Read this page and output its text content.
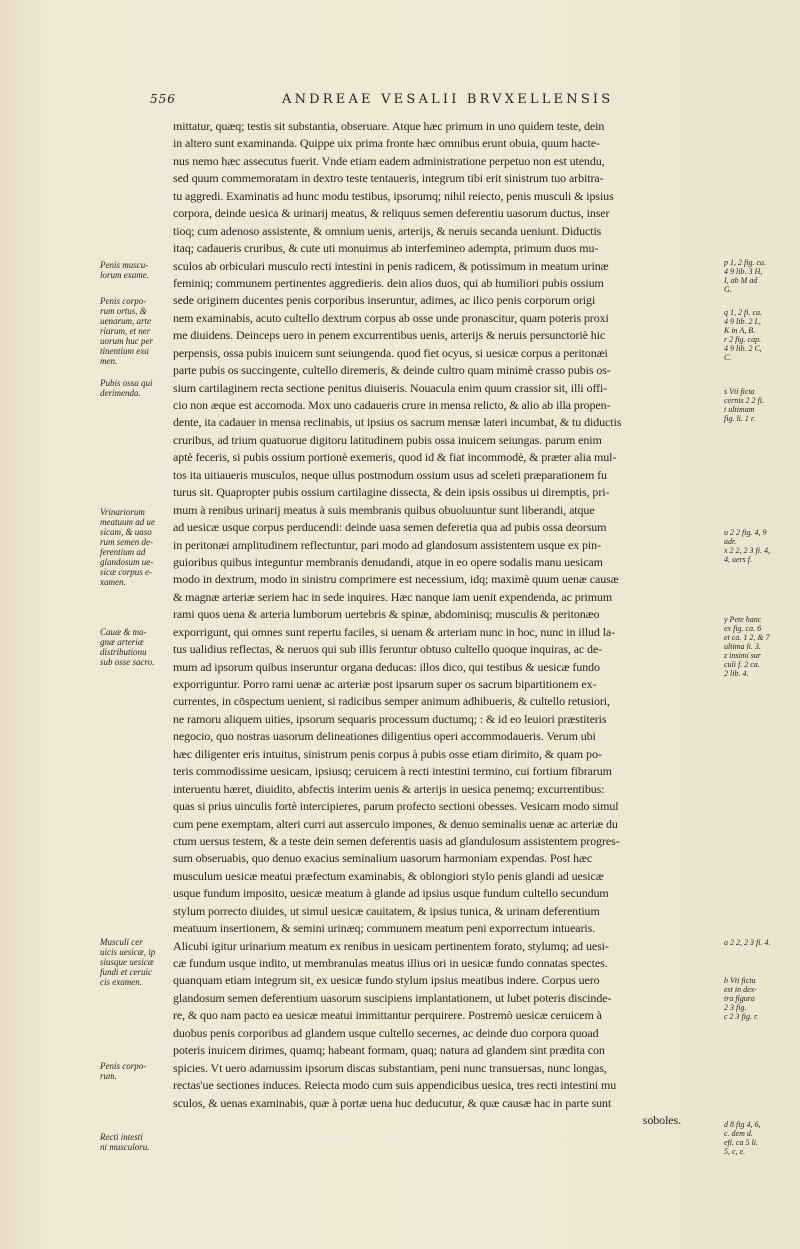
556	ANDREAE VESALII BRVXELLENSIS
Penis muscu-
lorum exame.
Penis corpo-
rum ortus, &
uenarum, arte
riarum, et ner
uorum huc per
tinentium exa
men.
Pubis ossa qui
derimenda.
Vrinariorum
meatuum ad ue
sicam, & uaso
rum semen de-
ferentium ad
glandosum ue-
sicæ corpus e-
xamen.
Cauæ & ma-
gnæ arteriæ
distributionu
sub osse sacro.
Musculi cer
uicis uesicæ, ip
siusque uesicæ
fundi et ceruic
cis examen.
Penis corpo-
rum.
Recti intesti
ni musculoru.
mittatur, quæq; testis sit substantia, obseruare. Atque hæc primum in uno quidem teste, dein
in altero sunt examinanda. Quippe uix prima fronte hæc omnibus erunt obuia, quum hacte-
nus nemo hæc assecutus fuerit. Vnde etiam eadem administratione perpetuo non est utendu,
sed quum commemoratam in dextro teste tentaueris, integrum tibi erit sinistrum tuo arbitra-
tu aggredi. Examinatis ad hunc modu testibus, ipsorumq; nihil reiecto, penis musculi & ipsius
corpora, deinde uesica & urinarij meatus, & reliquus semen deferentiu uasorum ductus, inser
tioq; cum adenoso assistente, & omnium uenis, arterijs, & neruis secanda ueniunt. Diductis
itaq; cadaueris cruribus, & cute uti monuimus ab interfemineo adempta, primum duos mu-
sculos ab orbiculari musculo recti intestini in penis radicem, & potissimum in meatum urinæ
feminiq; communem pertinentes aggredieris. dein alios duos, qui ab humiliori pubis ossium
sede originem ducentes penis corporibus inseruntur, adimes, ac ilico penis corporum origi
nem examinabis, acuto cultello dextrum corpus ab osse unde pronascitur, quam poteris proxi
me diuidens. Deinceps uero in penem excurrentibus uenis, arterijs & neruis persunctoriè hic
perpensis, ossa pubis inuicem sunt seiungenda. quod fiet ocyus, si uesicæ corpus a peritonæi
parte pubis os succingente, cultello diremeris, & deinde cultro quam minimè crasso pubis os-
sium cartilaginem recta sectione penitus diuiseris. Nouacula enim quum crassior sit, illi offi-
cio non æque est accomoda. Mox uno cadaueris crure in mensa relicto, & alio ab illa propen-
dente, ita cadauer in mensa reclinabis, ut ipsius os sacrum mensæ lateri incumbat, & tu diductis
cruribus, ad trium quatuorue digitoru latitudinem pubis ossa inuicem seiungas. parum enim
aptè feceris, si pubis ossium portionè exemeris, quod id & fiat incommodè, & præter alia mul-
tos ita uitiaueris musculos, neque ullus postmodum ossium usus ad sceleti præparationem fu
turus sit. Quapropter pubis ossium cartilagine dissecta, & dein ipsis ossibus ui diremptis, pri-
mum à renibus urinarij meatus à suis membranis quibus obuoluuntur sunt liberandi, atque
ad uesicæ usque corpus perducendi: deinde uasa semen deferetia qua ad pubis ossa deorsum
in peritonæi amplitudinem reflectuntur, pari modo ad glandosum assistentem usque ex pin-
guioribus quibus integuntur membranis denudandi, atque in eo opere sodalis manu uesicam
modo in dextrum, modo in sinistru comprimere est necessium, idq; maximè quum uenæ causæ
& magnæ arteriæ seriem hac in sede inquires. Hæc nanque iam uenit expendenda, ac primum
rami quos uena & arteria lumborum uertebris & spinæ, abdominisq; musculis & peritonæo
exporrigunt, qui omnes sunt repertu faciles, si uenam & arteriam nunc in hoc, nunc in illud la-
tus ualidius reflectas, & neruos qui sub illis feruntur obtuso cultello quoque inquiras, ac de-
mum ad ipsorum quibus inseruntur organa deducas: illos dico, qui testibus & uesicæ fundo
exporriguntur. Porro rami uenæ ac arteriæ post ipsarum super os sacrum bipartitionem ex-
currentes, in cōspectum uenient, si radicibus semper animum adhibueris, & cultello retusiori,
ne ramoru aliquem uities, ipsorum sequaris processum ductumq; : & id eo leuiori præstiteris
negocio, quo nostras uasorum delineationes diligentius operi accommodaueris. Verum ubi
hæc diligenter eris intuitus, sinistrum penis corpus à pubis osse etiam dirimito, & quam po-
teris commodissime uesicam, ipsiusq; ceruicem à recti intestini termino, cui fortium fibrarum
interuentu hæret, diuidito, abfectis interim uenis & arterijs in uesica penemq; excurrentibus:
quas si prius uinculis fortè intercipieres, parum profecto sectioni obesses. Vesicam modo simul
cum pene exemptam, alteri curri aut asserculo impones, & denuo seminalis uenæ ac arteriæ du
ctum uersus testem, & a teste dein semen deferentis uasis ad glandulosum assistentem progres-
sum obseruabis, quo denuo exacius seminalium uasorum harmoniam expendas. Post hæc
musculum uesicæ meatui præfectum examinabis, & oblongiori stylo penis glandi ad uesicæ
usque fundum imposito, uesicæ meatum à glande ad ipsius usque fundum cultello secundum
stylum porrecto diuides, ut simul uesicæ cauitatem, & ipsius tunica, & urinam deferentium
meatuum insertionem, & semini urinæq; communem meatum peni exporrectum intuearis.
Alicubi igitur urinarium meatum ex renibus in uesicam pertinentem forato, stylumq; ad uesi-
cæ fundum usque indito, ut membranulas meatus illius ori in uesicæ fundo connatas spectes.
quanquam etiam integrum sit, ex uesicæ fundo stylum ipsius meatibus indere. Corpus uero
glandosum semen deferentium uasorum suscipiens implantationem, ut lubet poteris discinde-
re, & quo nam pacto ea uesicæ meatui immittantur perquirere. Postremò uesicæ ceruicem à
duobus penis corporibus ad glandem usque cultello secernes, ac deinde duo corpora quoad
poteris inuicem dirimes, quamq; habeant formam, quaq; natura ad glandem sint prædita con
spicies. Vt uero adamussim ipsorum discas substantiam, peni nunc transuersas, nunc longas,
rectas'ue sectiones induces. Reiecta modo cum suis appendicibus uesica, tres recti intestini mu
sculos, & uenas examinabis, quæ à portæ uena huc deducutur, & quæ causæ hac in parte sunt
soboles.
p 1, 2 fig. ca.
4 9 lib. 3 H,
I, ab M ad
G.
q 1, 2 fi. ca.
4 9 lib. 2 L,
K in A, B.
r 2 fig. cap.
4 9 lib. 2 C,
C.
s Vti ficta
cernis 2 2 fi.
t ultimam
fig. li. 1 r.
u 2 2 fig. 4, 9
adr.
x 2 2, 2 3 fi. 4,
4, uers f.
y Pete hanc
ex fig. ca. 6
et ca. 1 2, & 7
ultima li. 3.
z insimi sur
culi f. 2 ca.
2 lib. 4.
a 2 2, 2 3 fi. 4.
b Vti fictu
est in dex-
tra figura
2 3 fig.
c 2 3 fig. r.
d 8 fig 4, 6,
c. dem d.
efi. ca 5 li.
5, c, e.
